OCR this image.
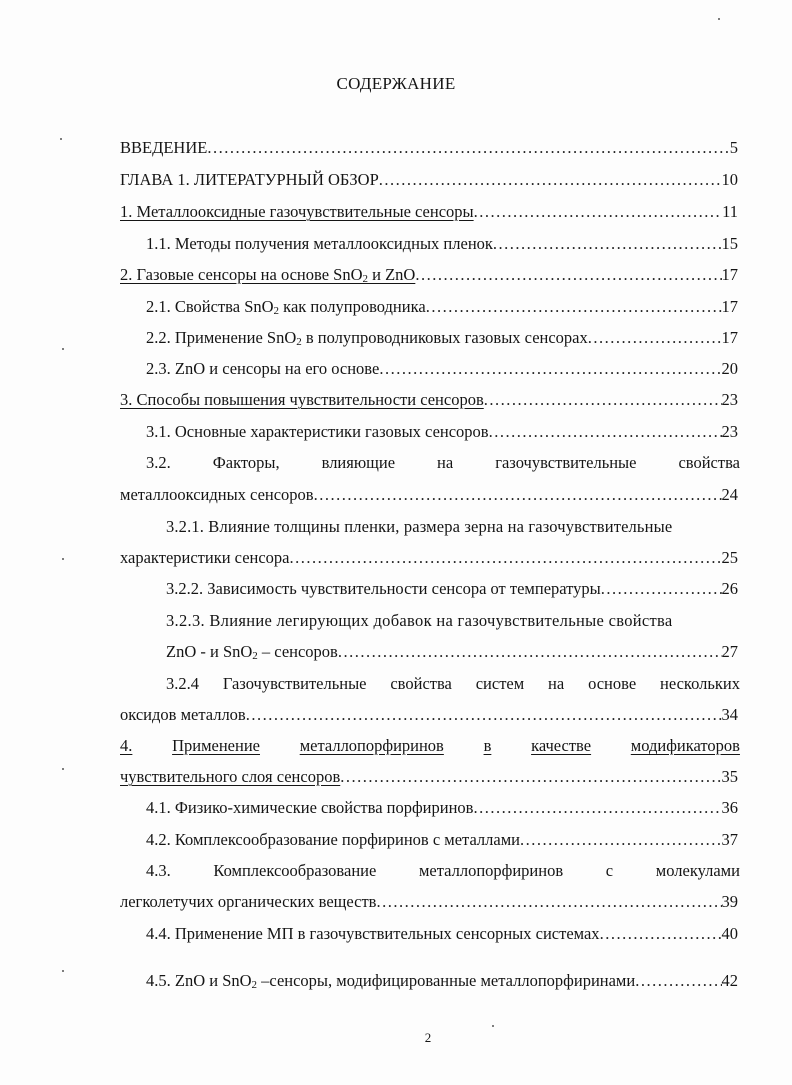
СОДЕРЖАНИЕ
ВВЕДЕНИЕ .....	5
ГЛАВА 1. ЛИТЕРАТУРНЫЙ ОБЗОР .....	10
1. Металлооксидные газочувствительные сенсоры .....	11
1.1. Методы получения металлооксидных пленок .....	15
2. Газовые сенсоры на основе SnO$_2$ и ZnO .....	17
2.1. Свойства SnO$_2$ как полупроводника .....	17
2.2. Применение SnO$_2$ в полупроводниковых газовых сенсорах .....	17
2.3. ZnO и сенсоры на его основе .....	20
3. Способы повышения чувствительности сенсоров .....	23
3.1. Основные характеристики газовых сенсоров .....	23
3.2.	Факторы,	влияющие	на	газочувствительные	свойства
металлооксидных сенсоров .....	24
3.2.1. Влияние толщины пленки, размера зерна на газочувствительные
характеристики сенсора .....	25
3.2.2. Зависимость чувствительности сенсора от температуры .....	26
3.2.3. Влияние легирующих добавок на газочувствительные свойства
ZnO - и SnO$_2$ – сенсоров .....	27
3.2.4 Газочувствительные свойства систем на основе нескольких
оксидов металлов .....	34
4. Применение металлопорфиринов в качестве модификаторов
чувствительного слоя сенсоров .....	35
4.1. Физико-химические свойства порфиринов .....	36
4.2. Комплексообразование порфиринов с металлами .....	37
4.3.	Комплексообразование	металлопорфиринов	с	молекулами
легколетучих органических веществ .....	39
4.4. Применение МП в газочувствительных сенсорных системах .....	40
4.5. ZnO и SnO$_2$ –сенсоры, модифицированные металлопорфиринами .....	42
2
